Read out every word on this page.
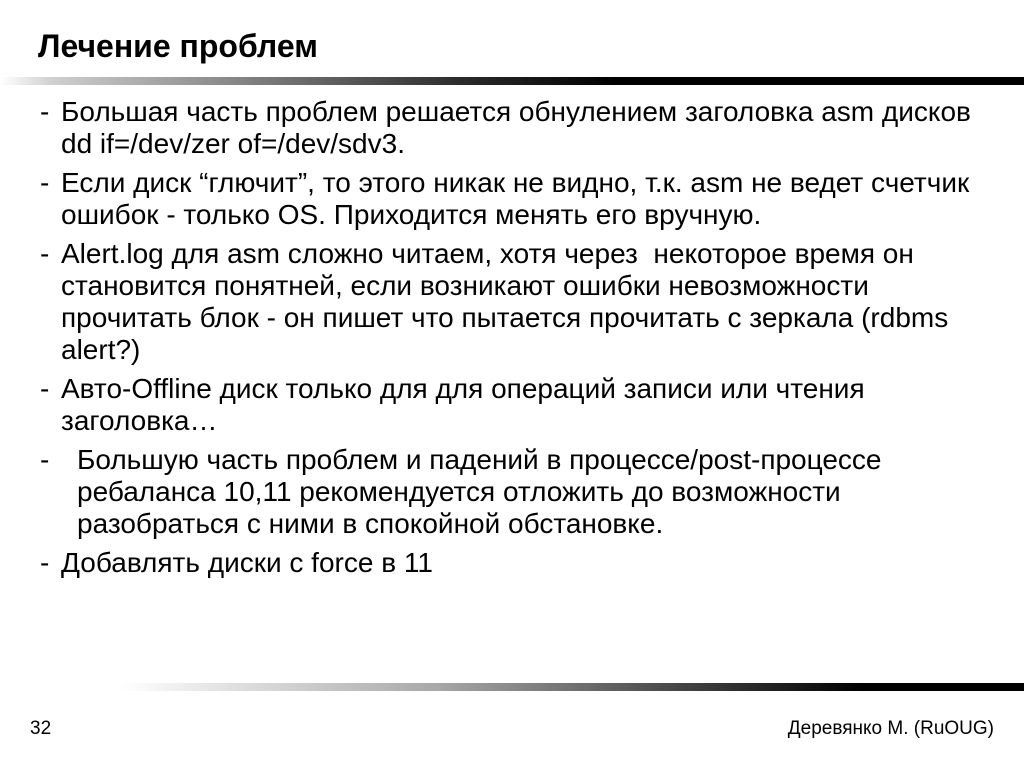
Лечение проблем
- Большая часть проблем решается обнулением заголовка asm дисков dd if=/dev/zer of=/dev/sdv3.
- Если диск “глючит”, то этого никак не видно, т.к. asm не ведет счетчик ошибок - только OS. Приходится менять его вручную.
- Alert.log для asm сложно читаем, хотя через  некоторое время он становится понятней, если возникают ошибки невозможности прочитать блок - он пишет что пытается прочитать с зеркала (rdbms alert?)
- Авто-Offline диск только для для операций записи или чтения заголовка…
- Большую часть проблем и падений в процессе/post-процессе ребаланса 10,11 рекомендуется отложить до возможности разобраться с ними в спокойной обстановке.
- Добавлять диски с force в 11
32	Деревянко М. (RuOUG)
